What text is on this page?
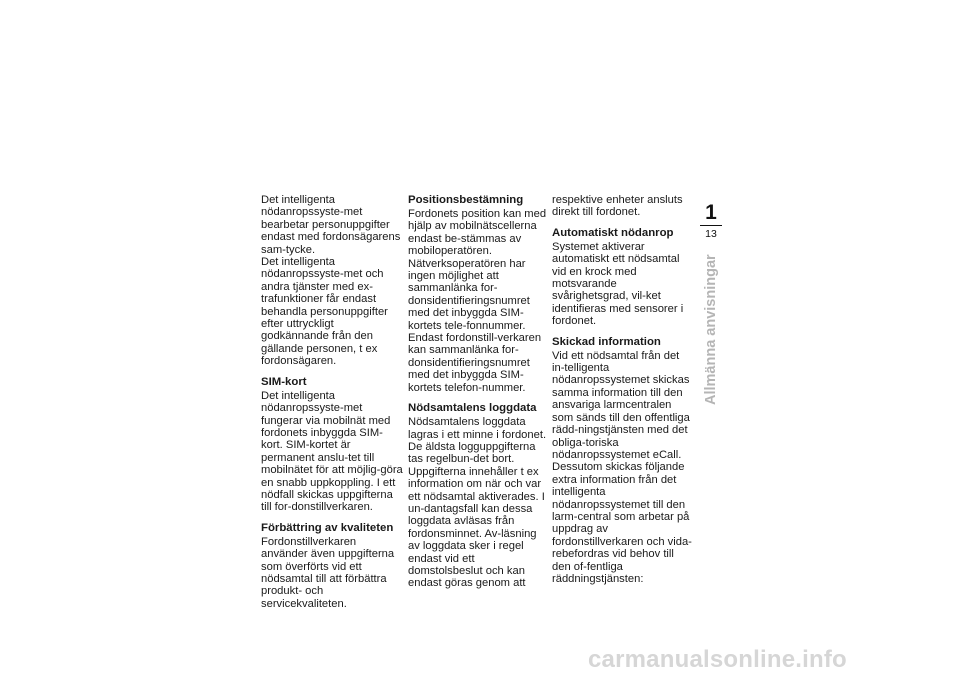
Det intelligenta nödanropssyste-met bearbetar personuppgifter endast med fordonsägarens sam-tycke.

Det intelligenta nödanropssyste-met och andra tjänster med ex-trafunktioner får endast behandla personuppgifter efter uttryckligt godkännande från den gällande personen, t ex fordonsägaren.

SIM-kort

Det intelligenta nödanropssyste-met fungerar via mobilnät med fordonets inbyggda SIM-kort. SIM-kortet är permanent anslu-tet till mobilnätet för att möjlig-göra en snabb uppkoppling. I ett nödfall skickas uppgifterna till for-donstillverkaren.

Förbättring av kvaliteten

Fordonstillverkaren använder även uppgifterna som överförts vid ett nödsamtal till att förbättra produkt- och servicekvaliteten.

Positionsbestämning

Fordonets position kan med hjälp av mobilnätscellerna endast be-stämmas av mobiloperatören. Nätverksoperatören har ingen möjlighet att sammanlänka for-donsidentifieringsnumret med det inbyggda SIM-kortets tele-fonnummer. Endast fordonstill-verkaren kan sammanlänka for-donsidentifieringsnumret med det inbyggda SIM-kortets telefon-nummer.

Nödsamtalens loggdata

Nödsamtalens loggdata lagras i ett minne i fordonet. De äldsta logguppgifterna tas regelbun-det bort. Uppgifterna innehåller t ex information om när och var ett nödsamtal aktiverades. I un-dantagsfall kan dessa loggdata avläsas från fordonsminnet. Av-läsning av loggdata sker i regel endast vid ett domstolsbeslut och kan endast göras genom att

respektive enheter ansluts direkt till fordonet.

Automatiskt nödanrop

Systemet aktiverar automatiskt ett nödsamtal vid en krock med motsvarande svårighetsgrad, vil-ket identifieras med sensorer i fordonet.

Skickad information

Vid ett nödsamtal från det in-telligenta nödanropssystemet skickas samma information till den ansvariga larmcentralen som sänds till den offentliga rädd-ningstjänsten med det obliga-toriska nödanropssystemet eCall. Dessutom skickas följande extra information från det intelligenta nödanropssystemet till den larm-central som arbetar på uppdrag av fordonstillverkaren och vida-rebefordras vid behov till den of-fentliga räddningstjänsten:

1
13
Allmänna anvisningar
carmanualsonline.info
